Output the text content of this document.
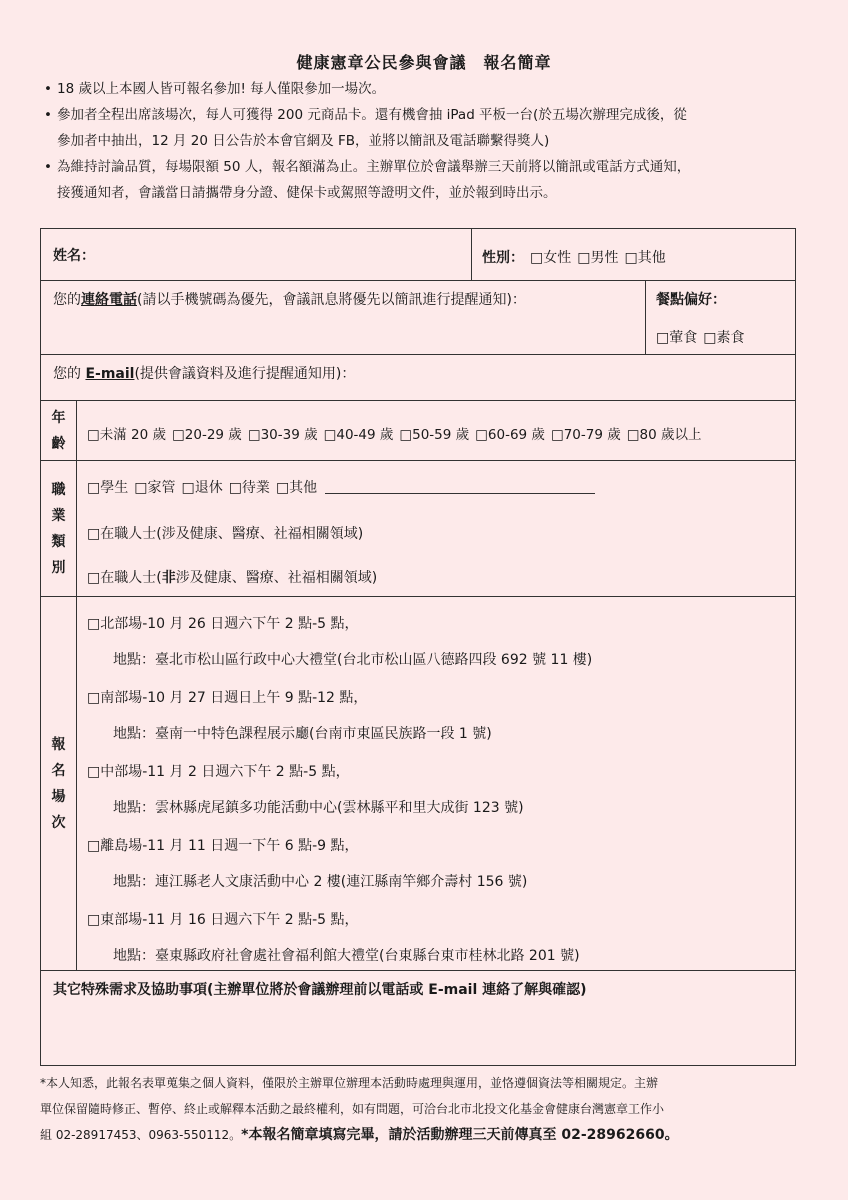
健康憲章公民參與會議　報名簡章
• 18 歲以上本國人皆可報名參加! 每人僅限參加一場次。
• 參加者全程出席該場次，每人可獲得 200 元商品卡。還有機會抽 iPad 平板一台(於五場次辦理完成後，從
參加者中抽出，12 月 20 日公告於本會官網及 FB，並將以簡訊及電話聯繫得獎人)
• 為維持討論品質，每場限額 50 人，報名額滿為止。主辦單位於會議舉辦三天前將以簡訊或電話方式通知，
接獲通知者，會議當日請攜帶身分證、健保卡或駕照等證明文件，並於報到時出示。
姓名：	性別： □女性 □男性 □其他
您的連絡電話(請以手機號碼為優先，會議訊息將優先以簡訊進行提醒通知)：	餐點偏好：
□葷食 □素食
您的 E-mail(提供會議資料及進行提醒通知用)：
年
齡
□未滿 20 歲 □20-29 歲 □30-39 歲 □40-49 歲 □50-59 歲 □60-69 歲 □70-79 歲 □80 歲以上
職
業
類
別
□學生 □家管 □退休 □待業 □其他
□在職人士(涉及健康、醫療、社福相關領域)
□在職人士(非涉及健康、醫療、社福相關領域)
報
名
場
次
□北部場-10 月 26 日週六下午 2 點-5 點，
地點：臺北市松山區行政中心大禮堂(台北市松山區八德路四段 692 號 11 樓)
□南部場-10 月 27 日週日上午 9 點-12 點，
地點：臺南一中特色課程展示廳(台南市東區民族路一段 1 號)
□中部場-11 月 2 日週六下午 2 點-5 點，
地點：雲林縣虎尾鎮多功能活動中心(雲林縣平和里大成街 123 號)
□離島場-11 月 11 日週一下午 6 點-9 點，
地點：連江縣老人文康活動中心 2 樓(連江縣南竿鄉介壽村 156 號)
□東部場-11 月 16 日週六下午 2 點-5 點，
地點：臺東縣政府社會處社會福利館大禮堂(台東縣台東市桂林北路 201 號)
其它特殊需求及協助事項(主辦單位將於會議辦理前以電話或 E-mail 連絡了解與確認)
*本人知悉，此報名表單蒐集之個人資料，僅限於主辦單位辦理本活動時處理與運用，並恪遵個資法等相關規定。主辦
單位保留隨時修正、暫停、終止或解釋本活動之最終權利，如有問題，可洽台北市北投文化基金會健康台灣憲章工作小
組 02-28917453、0963-550112。*本報名簡章填寫完畢，請於活動辦理三天前傳真至 02-28962660。
